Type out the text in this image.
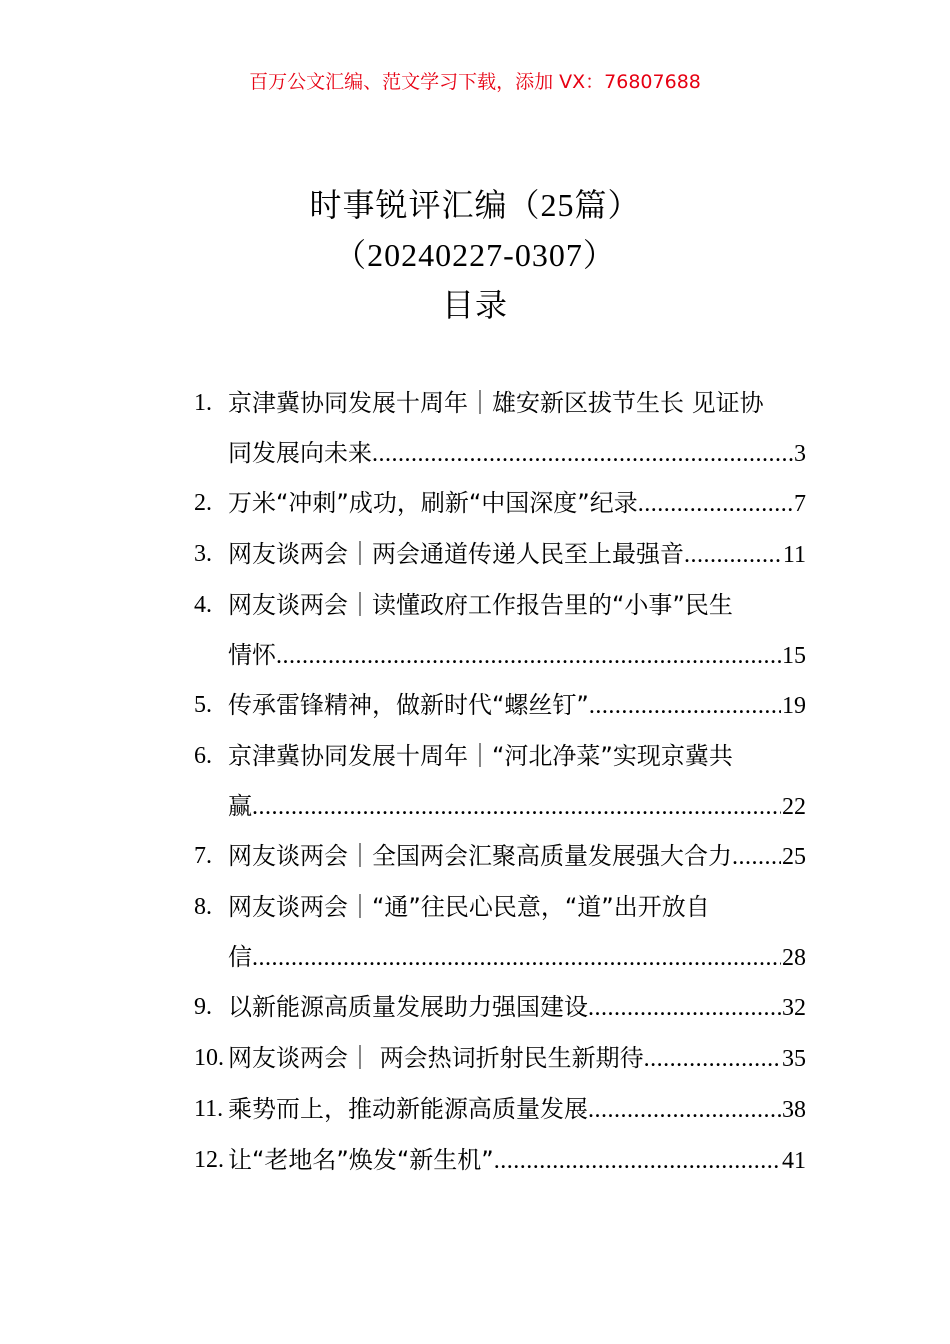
百万公文汇编、范文学习下载，添加 VX：76807688
时事锐评汇编（25篇）
（20240227-0307）
目录
1. 京津冀协同发展十周年｜雄安新区拔节生长 见证协
同发展向未来 .....	3
2. 万米“冲刺”成功，刷新“中国深度”纪录 .....	7
3. 网友谈两会｜两会通道传递人民至上最强音 .....	11
4. 网友谈两会｜读懂政府工作报告里的“小事”民生
情怀 .....	15
5. 传承雷锋精神，做新时代“螺丝钉” .....	19
6. 京津冀协同发展十周年｜“河北净菜”实现京冀共
赢 .....	22
7. 网友谈两会｜全国两会汇聚高质量发展强大合力 ..... 25
8. 网友谈两会｜“通”往民心民意，“道”出开放自
信 .....	28
9. 以新能源高质量发展助力强国建设 .....	32
10. 网友谈两会｜ 两会热词折射民生新期待 .....	35
11. 乘势而上，推动新能源高质量发展 .....	38
12. 让“老地名”焕发“新生机” .....	41
